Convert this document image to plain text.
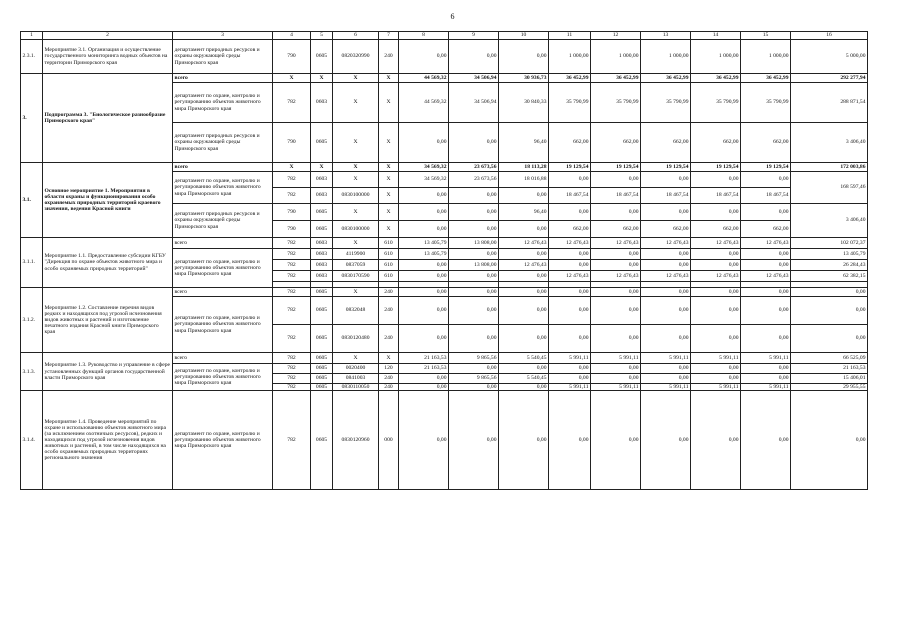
6
1	2	3	4	5	6	7	8	9	10	11	12	13	14	15	16
2.3.1.	Мероприятие 3.1. Организация и осуществление государственного мониторинга водных объектов на территории Приморского края	департамент природных ресурсов и охраны окружающей среды Приморского края	790	0605	0820320990	240	0,00	0,00	0,00	1 000,00	1 000,00	1 000,00	1 000,00	1 000,00	5 000,00
3.	Подпрограмма 3. "Биологическое разнообразие Приморского края"	всего	X	X	X	X	44 569,32	34 506,94	30 936,73	36 452,99	36 452,99	36 452,99	36 452,99	36 452,99	292 277,94
		департамент по охране, контролю и регулированию объектов животного мира Приморского края	782	0603	X	X	44 569,32	34 506,94	30 840,33	35 790,99	35 790,99	35 790,99	35 790,99	35 790,99	288 871,54
		департамент природных ресурсов и охраны окружающей среды Приморского края	790	0605	X	X	0,00	0,00	96,40	662,00	662,00	662,00	662,00	662,00	3 406,40
3.1.	Основное мероприятие 1. Мероприятия в области охраны и функционирования особо охраняемых природных территорий краевого значения, ведения Красной книги	всего	X	X	X	X	34 569,32	23 673,56	18 113,28	19 129,54	19 129,54	19 129,54	19 129,54	19 129,54	172 003,86
		департамент по охране, контролю и регулированию объектов животного мира Приморского края	782	0603	X	X	34 569,32	23 673,56	18 016,88	0,00	0,00	0,00	0,00	0,00	168 597,46
			782	0603	0830100000	X	0,00	0,00	0,00	18 467,54	18 467,54	18 467,54	18 467,54	18 467,54	
		департамент природных ресурсов и охраны окружающей среды Приморского края	790	0605	X	X	0,00	0,00	96,40	0,00	0,00	0,00	0,00	0,00	3 406,40
			790	0605	0830100000	X	0,00	0,00	0,00	662,00	662,00	662,00	662,00	662,00	
3.1.1.	Мероприятие 1.1. Предоставление субсидии КГБУ "Дирекция по охране объектов животного мира и особо охраняемых природных территорий"	всего	782	0603	X	610	13 405,79	13 808,00	12 476,43	12 476,43	12 476,43	12 476,43	12 476,43	12 476,43	102 072,37
		департамент по охране, контролю и регулированию объектов животного мира Приморского края	782	0603	4119900	610	13 405,79	0,00	0,00	0,00	0,00	0,00	0,00	0,00	13 405,79
			782	0603	0837059	610	0,00	13 808,00	12 476,43	0,00	0,00	0,00	0,00	0,00	26 284,43
			782	0603	0830170590	610	0,00	0,00	0,00	12 476,43	12 476,43	12 476,43	12 476,43	12 476,43	62 382,15

3.1.2.	Мероприятие 1.2. Составление перечня видов редких и находящихся под угрозой исчезновения видов животных и растений и изготовление печатного издания Красной книги Приморского края	всего	782	0605	X	240	0,00	0,00	0,00	0,00	0,00	0,00	0,00	0,00	0,00
		департамент по охране, контролю и регулированию объектов животного мира Приморского края	782	0605	0832048	240	0,00	0,00	0,00	0,00	0,00	0,00	0,00	0,00	0,00
			782	0605	0830120480	240	0,00	0,00	0,00	0,00	0,00	0,00	0,00	0,00	0,00
3.1.3.	Мероприятие 1.3. Руководство и управление в сфере установленных функций органов государственной власти Приморского края	всего	782	0605	X	X	21 163,53	9 865,56	5 540,45	5 991,11	5 991,11	5 991,11	5 991,11	5 991,11	66 525,09
		департамент по охране, контролю и регулированию объектов животного мира Приморского края	782	0605	0020400	120	21 163,53	0,00	0,00	0,00	0,00	0,00	0,00	0,00	21 163,53
			782	0605	0841003	240	0,00	9 865,56	5 540,45	0,00	0,00	0,00	0,00	0,00	15 406,01
			782	0605	0830110050	240	0,00	0,00	0,00	5 991,11	5 991,11	5 991,11	5 991,11	5 991,11	29 955,55
3.1.4.	Мероприятие 1.4. Проведение мероприятий по охране и использованию объектов животного мира (за исключением охотничьих ресурсов), редких и находящихся под угрозой исчезновения видов животных и растений, в том числе находящихся на особо охраняемых природных территориях регионального значения	департамент по охране, контролю и регулированию объектов животного мира Приморского края	782	0605	0830120960	000	0,00	0,00	0,00	0,00	0,00	0,00	0,00	0,00	0,00
